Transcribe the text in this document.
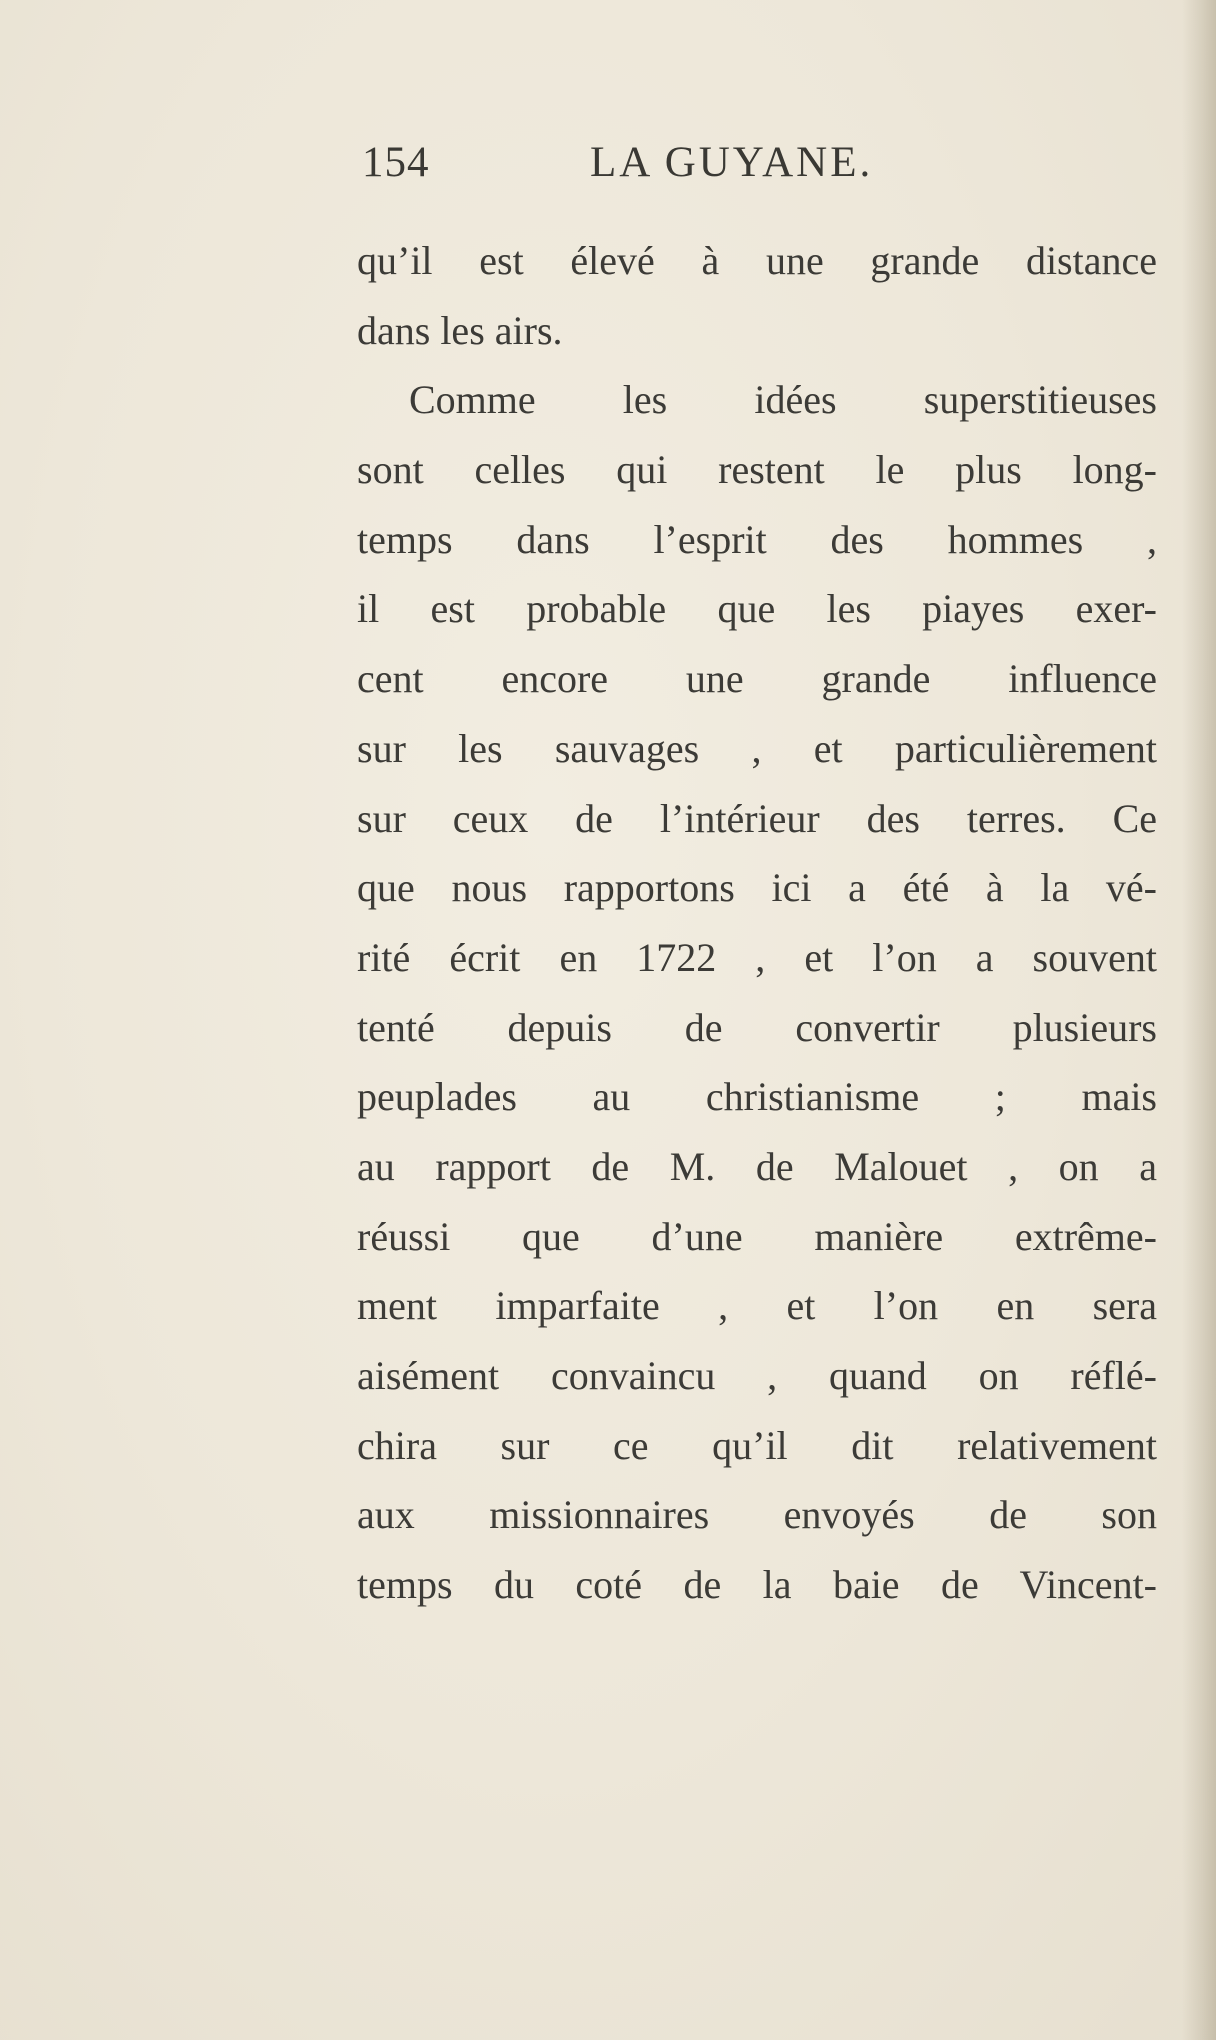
154	LA GUYANE.
qu’il est élevé à une grande distance
dans les airs.
Comme les idées superstitieuses
sont celles qui restent le plus long-
temps dans l’esprit des hommes ,
il est probable que les piayes exer-
cent encore une grande influence
sur les sauvages , et particulièrement
sur ceux de l’intérieur des terres. Ce
que nous rapportons ici a été à la vé-
rité écrit en 1722 , et l’on a souvent
tenté depuis de convertir plusieurs
peuplades au christianisme ; mais
au rapport de M. de Malouet , on a
réussi que d’une manière extrême-
ment imparfaite , et l’on en sera
aisément convaincu , quand on réflé-
chira sur ce qu’il dit relativement
aux missionnaires envoyés de son
temps du coté de la baie de Vincent-
